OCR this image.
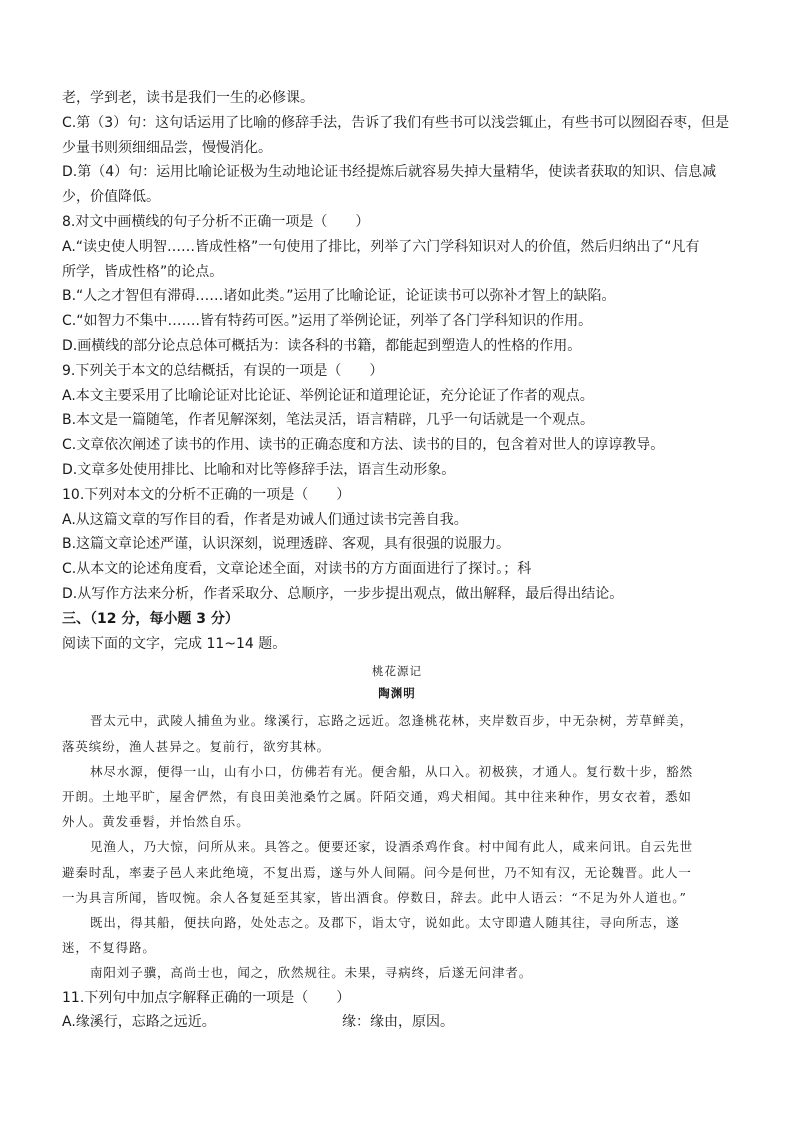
老，学到老，读书是我们一生的必修课。
C.第（3）句：这句话运用了比喻的修辞手法，告诉了我们有些书可以浅尝辄止，有些书可以囫囵吞枣，但是
少量书则须细细品尝，慢慢消化。
D.第（4）句：运用比喻论证极为生动地论证书经提炼后就容易失掉大量精华，使读者获取的知识、信息减
少，价值降低。
8.对文中画横线的句子分析不正确一项是（　　）
A.“读史使人明智……皆成性格”一句使用了排比，列举了六门学科知识对人的价值，然后归纳出了“凡有
所学，皆成性格”的论点。
B.“人之才智但有滞碍……诸如此类。”运用了比喻论证，论证读书可以弥补才智上的缺陷。
C.“如智力不集中…….皆有特药可医。”运用了举例论证，列举了各门学科知识的作用。
D.画横线的部分论点总体可概括为：读各科的书籍，都能起到塑造人的性格的作用。
9.下列关于本文的总结概括，有误的一项是（　　）
A.本文主要采用了比喻论证对比论证、举例论证和道理论证，充分论证了作者的观点。
B.本文是一篇随笔，作者见解深刻，笔法灵活，语言精辟，几乎一句话就是一个观点。
C.文章依次阐述了读书的作用、读书的正确态度和方法、读书的目的，包含着对世人的谆谆教导。
D.文章多处使用排比、比喻和对比等修辞手法，语言生动形象。
10.下列对本文的分析不正确的一项是（　　）
A.从这篇文章的写作目的看，作者是劝诫人们通过读书完善自我。
B.这篇文章论述严谨，认识深刻，说理透辟、客观，具有很强的说服力。
C.从本文的论述角度看，文章论述全面，对读书的方方面面进行了探讨。；科
D.从写作方法来分析，作者采取分、总顺序，一步步提出观点，做出解释，最后得出结论。
三、（12 分，每小题 3 分）
阅读下面的文字，完成 11~14 题。
桃花源记
陶渊明
晋太元中，武陵人捕鱼为业。缘溪行，忘路之远近。忽逢桃花林，夹岸数百步，中无杂树，芳草鲜美，
落英缤纷，渔人甚异之。复前行，欲穷其林。
林尽水源，便得一山，山有小口，仿佛若有光。便舍船，从口入。初极狭，才通人。复行数十步，豁然
开朗。土地平旷，屋舍俨然，有良田美池桑竹之属。阡陌交通，鸡犬相闻。其中往来种作，男女衣着，悉如
外人。黄发垂髫，并怡然自乐。
见渔人，乃大惊，问所从来。具答之。便要还家，设酒杀鸡作食。村中闻有此人，咸来问讯。自云先世
避秦时乱，率妻子邑人来此绝境，不复出焉，遂与外人间隔。问今是何世，乃不知有汉，无论魏晋。此人一
一为具言所闻，皆叹惋。余人各复延至其家，皆出酒食。停数日，辞去。此中人语云：“不足为外人道也。”
既出，得其船，便扶向路，处处志之。及郡下，诣太守，说如此。太守即遣人随其往，寻向所志，遂
迷，不复得路。
南阳刘子骥，高尚士也，闻之，欣然规往。未果，寻病终，后遂无问津者。
11.下列句中加点字解释正确的一项是（　　）
A.缘溪行，忘路之远近。	缘：缘由，原因。
